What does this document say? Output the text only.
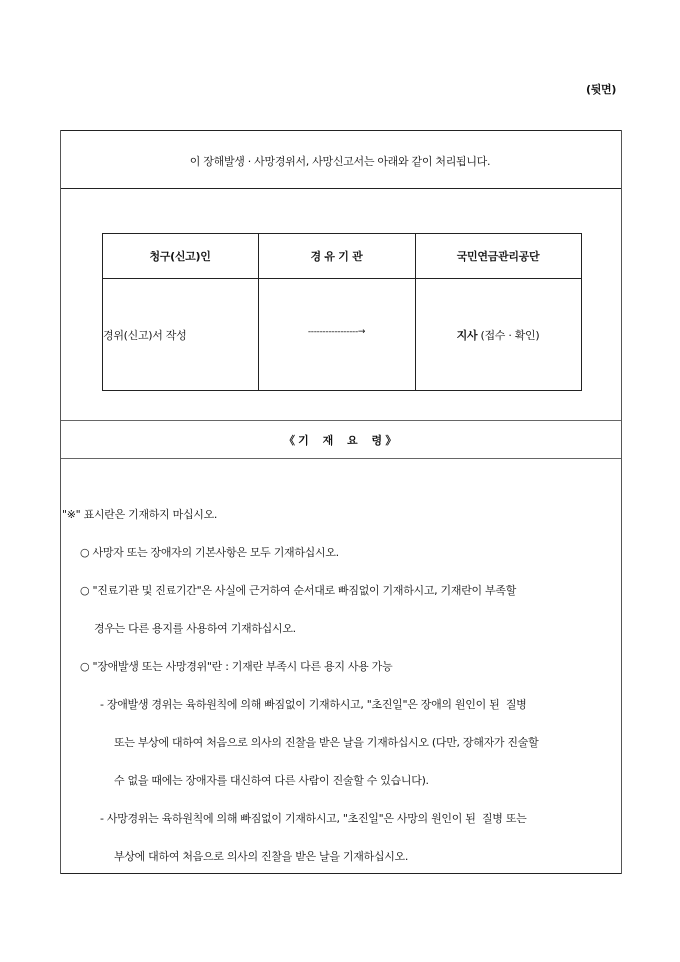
(뒷면)
이 장해발생 · 사망경위서, 사망신고서는 아래와 같이 처리됩니다.
청구(신고)인	경 유 기 관	국민연금관리공단
경위(신고)서 작성	-----------------→	지사 (접수 · 확인)
《 기    재    요    령 》
"※" 표시란은 기재하지 마십시오.
○ 사망자 또는 장애자의 기본사항은 모두 기재하십시오.
○ "진료기관 및 진료기간"은 사실에 근거하여 순서대로 빠짐없이 기재하시고, 기재란이 부족할
경우는 다른 용지를 사용하여 기재하십시오.
○ "장애발생 또는 사망경위"란 : 기재란 부족시 다른 용지 사용 가능
- 장애발생 경위는 육하원칙에 의해 빠짐없이 기재하시고, "초진일"은 장애의 원인이 된  질병
또는 부상에 대하여 처음으로 의사의 진찰을 받은 날을 기재하십시오 (다만, 장해자가 진술할
수 없을 때에는 장애자를 대신하여 다른 사람이 진술할 수 있습니다).
- 사망경위는 육하원칙에 의해 빠짐없이 기재하시고, "초진일"은 사망의 원인이 된  질병 또는
부상에 대하여 처음으로 의사의 진찰을 받은 날을 기재하십시오.
